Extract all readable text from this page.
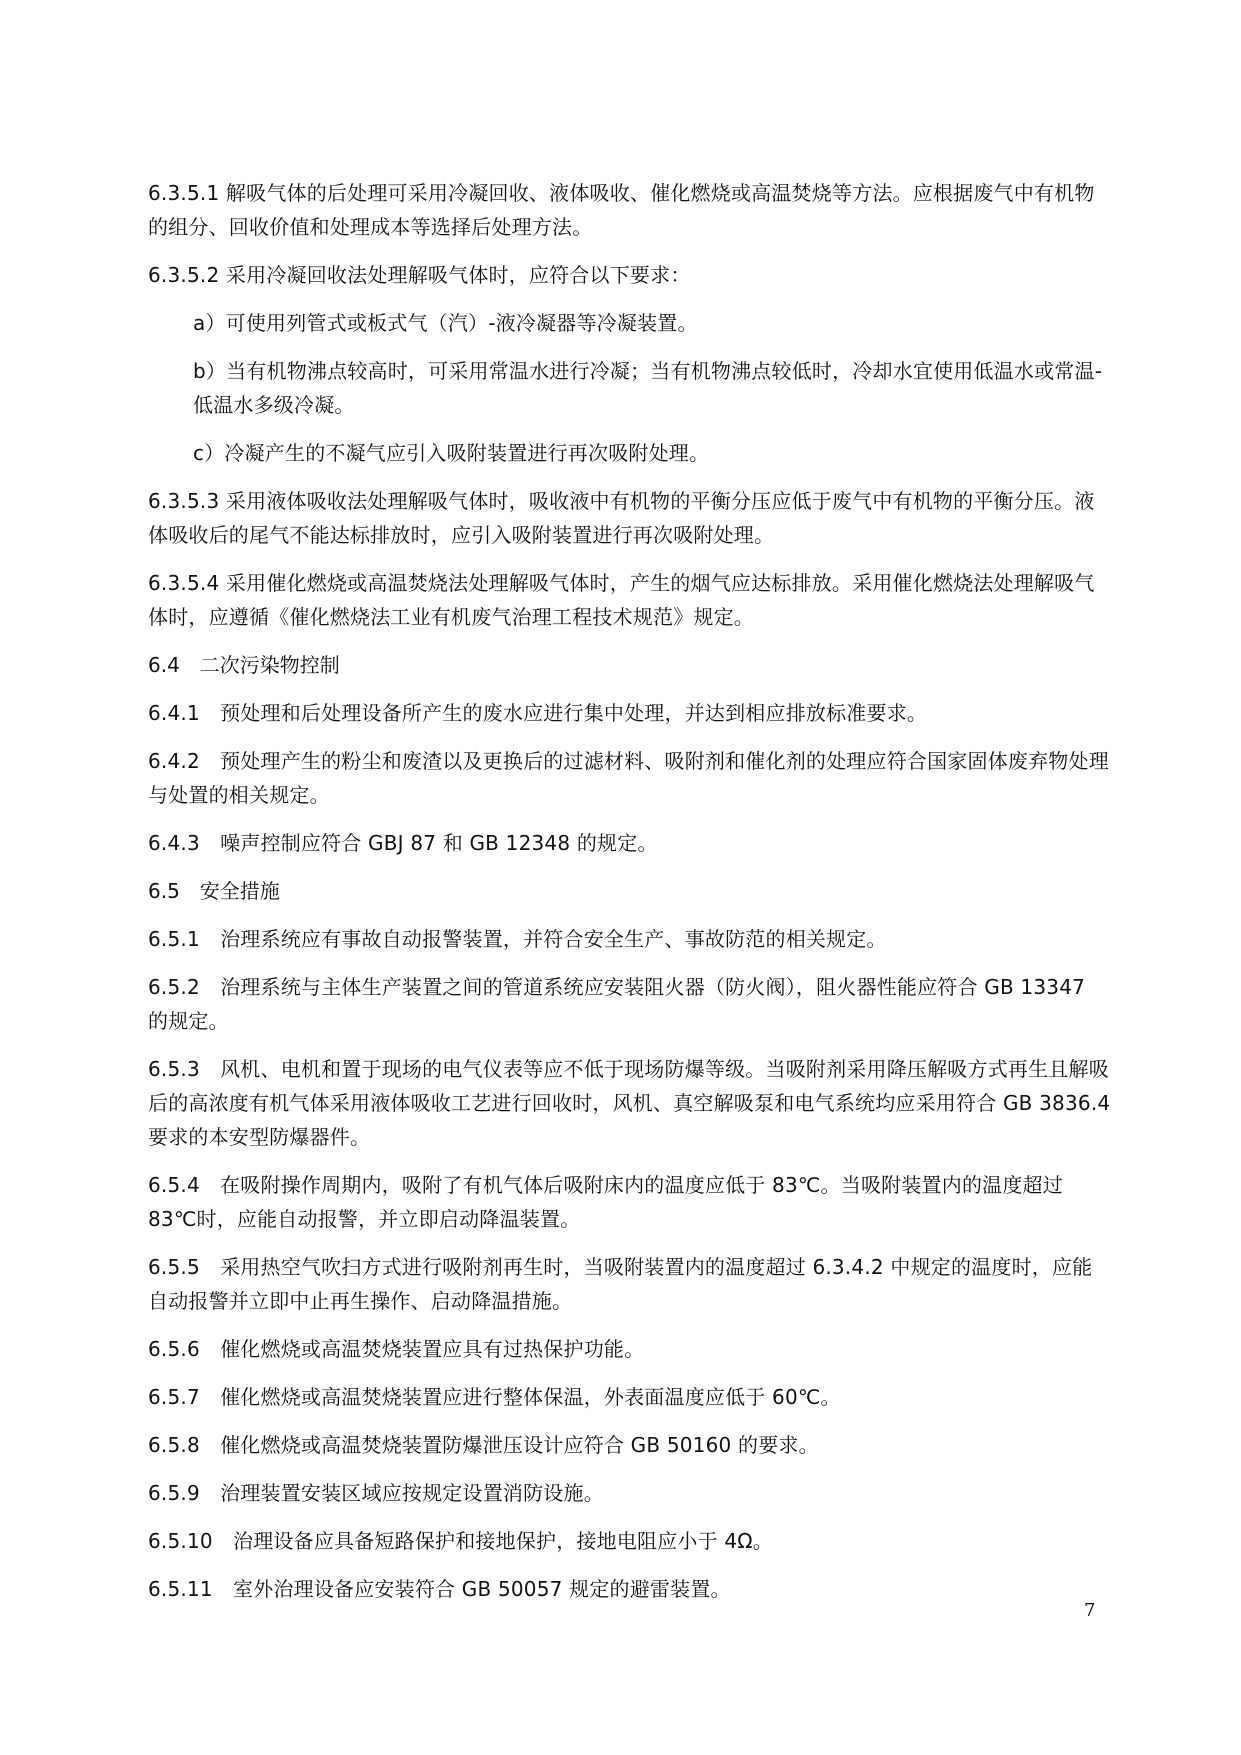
6.3.5.1 解吸气体的后处理可采用冷凝回收、液体吸收、催化燃烧或高温焚烧等方法。应根据废气中有机物的组分、回收价值和处理成本等选择后处理方法。

6.3.5.2 采用冷凝回收法处理解吸气体时，应符合以下要求：

a）可使用列管式或板式气（汽）-液冷凝器等冷凝装置。

b）当有机物沸点较高时，可采用常温水进行冷凝；当有机物沸点较低时，冷却水宜使用低温水或常温-低温水多级冷凝。

c）冷凝产生的不凝气应引入吸附装置进行再次吸附处理。

6.3.5.3 采用液体吸收法处理解吸气体时，吸收液中有机物的平衡分压应低于废气中有机物的平衡分压。液体吸收后的尾气不能达标排放时，应引入吸附装置进行再次吸附处理。

6.3.5.4 采用催化燃烧或高温焚烧法处理解吸气体时，产生的烟气应达标排放。采用催化燃烧法处理解吸气体时，应遵循《催化燃烧法工业有机废气治理工程技术规范》规定。

6.4　二次污染物控制

6.4.1　预处理和后处理设备所产生的废水应进行集中处理，并达到相应排放标准要求。

6.4.2　预处理产生的粉尘和废渣以及更换后的过滤材料、吸附剂和催化剂的处理应符合国家固体废弃物处理与处置的相关规定。

6.4.3　噪声控制应符合 GBJ 87 和 GB 12348 的规定。

6.5　安全措施

6.5.1　治理系统应有事故自动报警装置，并符合安全生产、事故防范的相关规定。

6.5.2　治理系统与主体生产装置之间的管道系统应安装阻火器（防火阀），阻火器性能应符合 GB 13347 的规定。

6.5.3　风机、电机和置于现场的电气仪表等应不低于现场防爆等级。当吸附剂采用降压解吸方式再生且解吸后的高浓度有机气体采用液体吸收工艺进行回收时，风机、真空解吸泵和电气系统均应采用符合 GB 3836.4 要求的本安型防爆器件。

6.5.4　在吸附操作周期内，吸附了有机气体后吸附床内的温度应低于 83℃。当吸附装置内的温度超过 83℃时，应能自动报警，并立即启动降温装置。

6.5.5　采用热空气吹扫方式进行吸附剂再生时，当吸附装置内的温度超过 6.3.4.2 中规定的温度时，应能自动报警并立即中止再生操作、启动降温措施。

6.5.6　催化燃烧或高温焚烧装置应具有过热保护功能。

6.5.7　催化燃烧或高温焚烧装置应进行整体保温，外表面温度应低于 60℃。

6.5.8　催化燃烧或高温焚烧装置防爆泄压设计应符合 GB 50160 的要求。

6.5.9　治理装置安装区域应按规定设置消防设施。

6.5.10　治理设备应具备短路保护和接地保护，接地电阻应小于 4Ω。

6.5.11　室外治理设备应安装符合 GB 50057 规定的避雷装置。

7
